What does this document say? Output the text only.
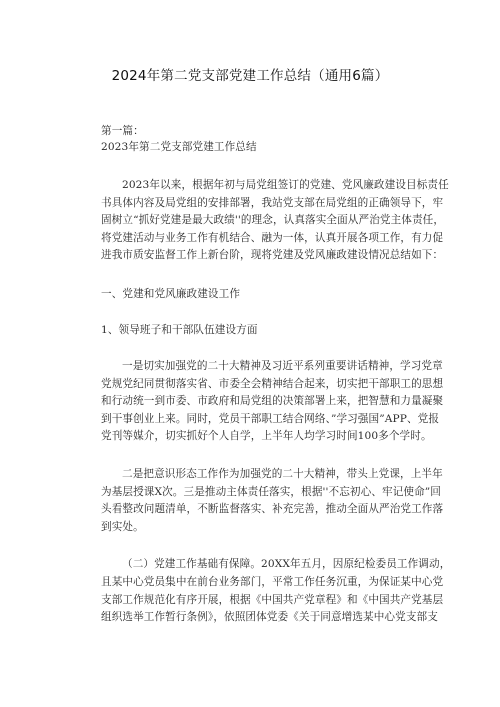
2024年第二党支部党建工作总结（通用6篇）
第一篇：
2023年第二党支部党建工作总结
2023年以来，根据年初与局党组签订的党建、党风廉政建设目标责任
书具体内容及局党组的安排部署，我站党支部在局党组的正确领导下，牢
固树立“抓好党建是最大政绩''的理念，认真落实全面从严治党主体责任，
将党建活动与业务工作有机结合、融为一体，认真开展各项工作，有力促
进我市质安监督工作上新台阶，现将党建及党风廉政建设情况总结如下：
一、党建和党风廉政建设工作
1、领导班子和干部队伍建设方面
一是切实加强党的二十大精神及习近平系列重要讲话精神，学习党章
党规党纪同贯彻落实省、市委全会精神结合起来，切实把干部职工的思想
和行动统一到市委、市政府和局党组的决策部署上来，把智慧和力量凝聚
到干事创业上来。同时，党员干部职工结合网络、”学习强国”APP、党报
党刊等媒介，切实抓好个人自学，上半年人均学习时间100多个学时。
二是把意识形态工作作为加强党的二十大精神，带头上党课，上半年
为基层授课X次。三是推动主体责任落实，根据''不忘初心、牢记使命”回
头看整改问题清单，不断监督落实、补充完善，推动全面从严治党工作落
到实处。
（二）党建工作基础有保障。20XX年五月，因原纪检委员工作调动，
且某中心党员集中在前台业务部门，平常工作任务沉重，为保证某中心党
支部工作规范化有序开展，根据《中国共产党章程》和《中国共产党基层
组织选举工作暂行条例》，依照团体党委《关于同意增选某中心党支部支
